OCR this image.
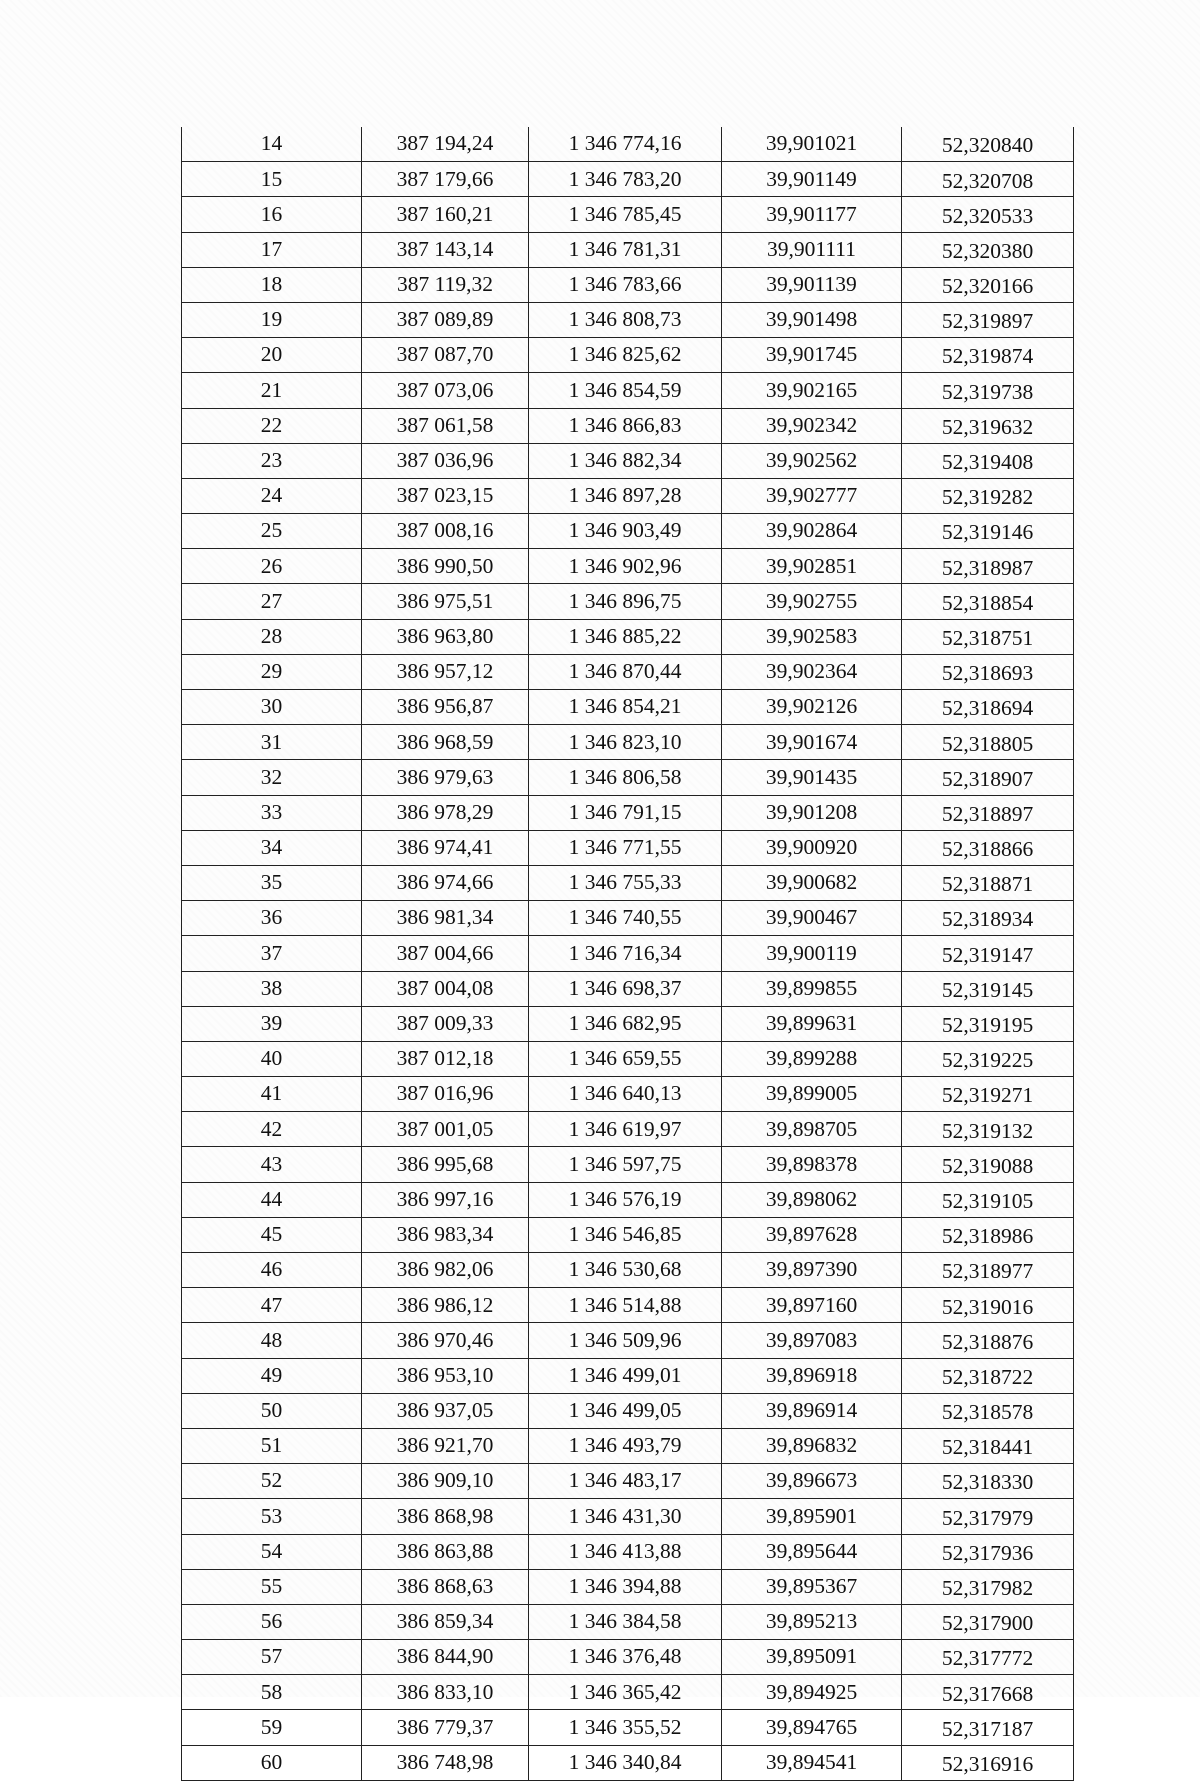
14	387 194,24	1 346 774,16	39,901021	52,320840
15	387 179,66	1 346 783,20	39,901149	52,320708
16	387 160,21	1 346 785,45	39,901177	52,320533
17	387 143,14	1 346 781,31	39,901111	52,320380
18	387 119,32	1 346 783,66	39,901139	52,320166
19	387 089,89	1 346 808,73	39,901498	52,319897
20	387 087,70	1 346 825,62	39,901745	52,319874
21	387 073,06	1 346 854,59	39,902165	52,319738
22	387 061,58	1 346 866,83	39,902342	52,319632
23	387 036,96	1 346 882,34	39,902562	52,319408
24	387 023,15	1 346 897,28	39,902777	52,319282
25	387 008,16	1 346 903,49	39,902864	52,319146
26	386 990,50	1 346 902,96	39,902851	52,318987
27	386 975,51	1 346 896,75	39,902755	52,318854
28	386 963,80	1 346 885,22	39,902583	52,318751
29	386 957,12	1 346 870,44	39,902364	52,318693
30	386 956,87	1 346 854,21	39,902126	52,318694
31	386 968,59	1 346 823,10	39,901674	52,318805
32	386 979,63	1 346 806,58	39,901435	52,318907
33	386 978,29	1 346 791,15	39,901208	52,318897
34	386 974,41	1 346 771,55	39,900920	52,318866
35	386 974,66	1 346 755,33	39,900682	52,318871
36	386 981,34	1 346 740,55	39,900467	52,318934
37	387 004,66	1 346 716,34	39,900119	52,319147
38	387 004,08	1 346 698,37	39,899855	52,319145
39	387 009,33	1 346 682,95	39,899631	52,319195
40	387 012,18	1 346 659,55	39,899288	52,319225
41	387 016,96	1 346 640,13	39,899005	52,319271
42	387 001,05	1 346 619,97	39,898705	52,319132
43	386 995,68	1 346 597,75	39,898378	52,319088
44	386 997,16	1 346 576,19	39,898062	52,319105
45	386 983,34	1 346 546,85	39,897628	52,318986
46	386 982,06	1 346 530,68	39,897390	52,318977
47	386 986,12	1 346 514,88	39,897160	52,319016
48	386 970,46	1 346 509,96	39,897083	52,318876
49	386 953,10	1 346 499,01	39,896918	52,318722
50	386 937,05	1 346 499,05	39,896914	52,318578
51	386 921,70	1 346 493,79	39,896832	52,318441
52	386 909,10	1 346 483,17	39,896673	52,318330
53	386 868,98	1 346 431,30	39,895901	52,317979
54	386 863,88	1 346 413,88	39,895644	52,317936
55	386 868,63	1 346 394,88	39,895367	52,317982
56	386 859,34	1 346 384,58	39,895213	52,317900
57	386 844,90	1 346 376,48	39,895091	52,317772
58	386 833,10	1 346 365,42	39,894925	52,317668
59	386 779,37	1 346 355,52	39,894765	52,317187
60	386 748,98	1 346 340,84	39,894541	52,316916
